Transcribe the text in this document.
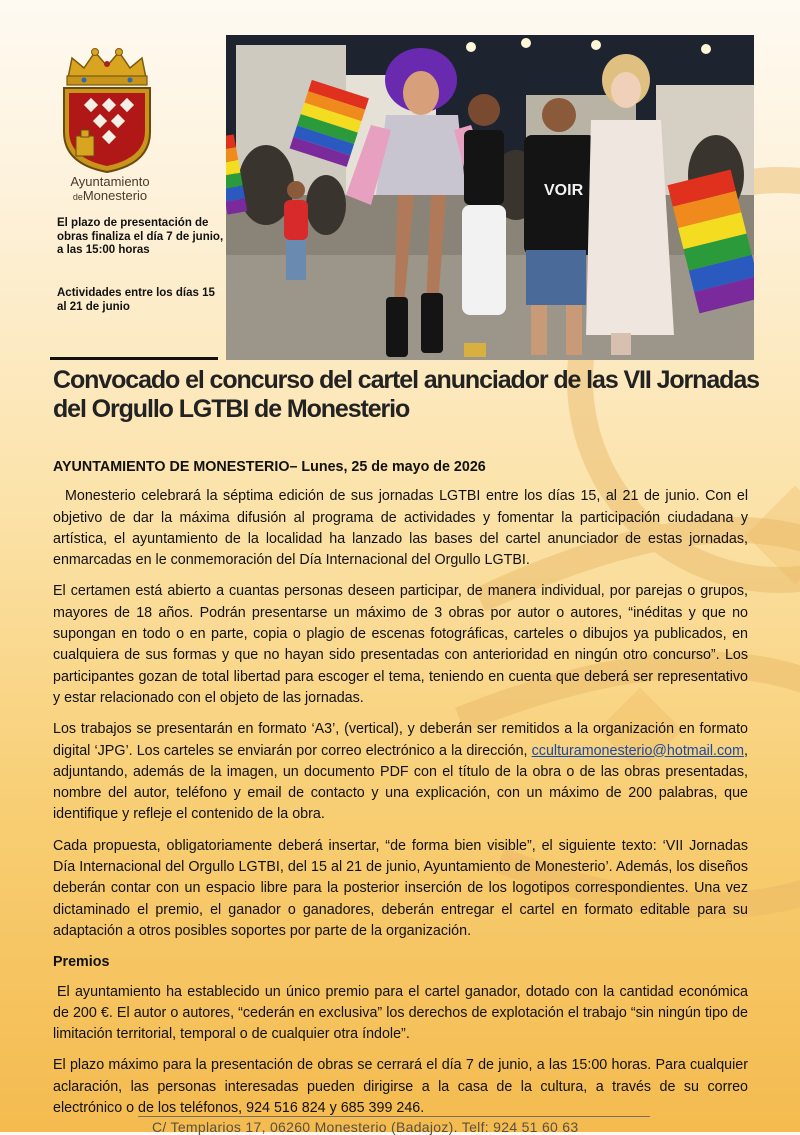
Ayuntamiento
deMonesterio
El plazo de presentación de obras finaliza el día 7 de junio, a las 15:00 horas
Actividades entre los días 15 al 21 de junio
VOIR
Convocado el concurso del cartel anunciador de las VII Jornadas del Orgullo LGTBI de Monesterio

AYUNTAMIENTO DE MONESTERIO– Lunes, 25 de mayo de 2026

Monesterio celebrará la séptima edición de sus jornadas LGTBI entre los días 15, al 21 de junio. Con el objetivo de dar la máxima difusión al programa de actividades y fomentar la participación ciudadana y artística, el ayuntamiento de la localidad ha lanzado las bases del cartel anunciador de estas jornadas, enmarcadas en le conmemoración del Día Internacional del Orgullo LGTBI.

El certamen está abierto a cuantas personas deseen participar, de manera individual, por parejas o grupos, mayores de 18 años. Podrán presentarse un máximo de 3 obras por autor o autores, “inéditas y que no supongan en todo o en parte, copia o plagio de escenas fotográficas, carteles o dibujos ya publicados, en cualquiera de sus formas y que no hayan sido presentadas con anterioridad en ningún otro concurso”. Los participantes gozan de total libertad para escoger el tema, teniendo en cuenta que deberá ser representativo y estar relacionado con el objeto de las jornadas.

Los trabajos se presentarán en formato ‘A3’, (vertical), y deberán ser remitidos a la organización en formato digital ‘JPG’. Los carteles se enviarán por correo electrónico a la dirección, cculturamonesterio@hotmail.com, adjuntando, además de la imagen, un documento PDF con el título de la obra o de las obras presentadas, nombre del autor, teléfono y email de contacto y una explicación, con un máximo de 200 palabras, que identifique y refleje el contenido de la obra.

Cada propuesta, obligatoriamente deberá insertar, “de forma bien visible”, el siguiente texto: ‘VII Jornadas Día Internacional del Orgullo LGTBI, del 15 al 21 de junio, Ayuntamiento de Monesterio’. Además, los diseños deberán contar con un espacio libre para la posterior inserción de los logotipos correspondientes. Una vez dictaminado el premio, el ganador o ganadores, deberán entregar el cartel en formato editable para su adaptación a otros posibles soportes por parte de la organización.

Premios

El ayuntamiento ha establecido un único premio para el cartel ganador, dotado con la cantidad económica de 200 €. El autor o autores, “cederán en exclusiva” los derechos de explotación el trabajo “sin ningún tipo de limitación territorial, temporal o de cualquier otra índole”.

El plazo máximo para la presentación de obras se cerrará el día 7 de junio, a las 15:00 horas. Para cualquier aclaración, las personas interesadas pueden dirigirse a la casa de la cultura, a través de su correo electrónico o de los teléfonos, 924 516 824 y 685 399 246.

C/ Templarios 17, 06260 Monesterio (Badajoz). Telf: 924 51 60 63
